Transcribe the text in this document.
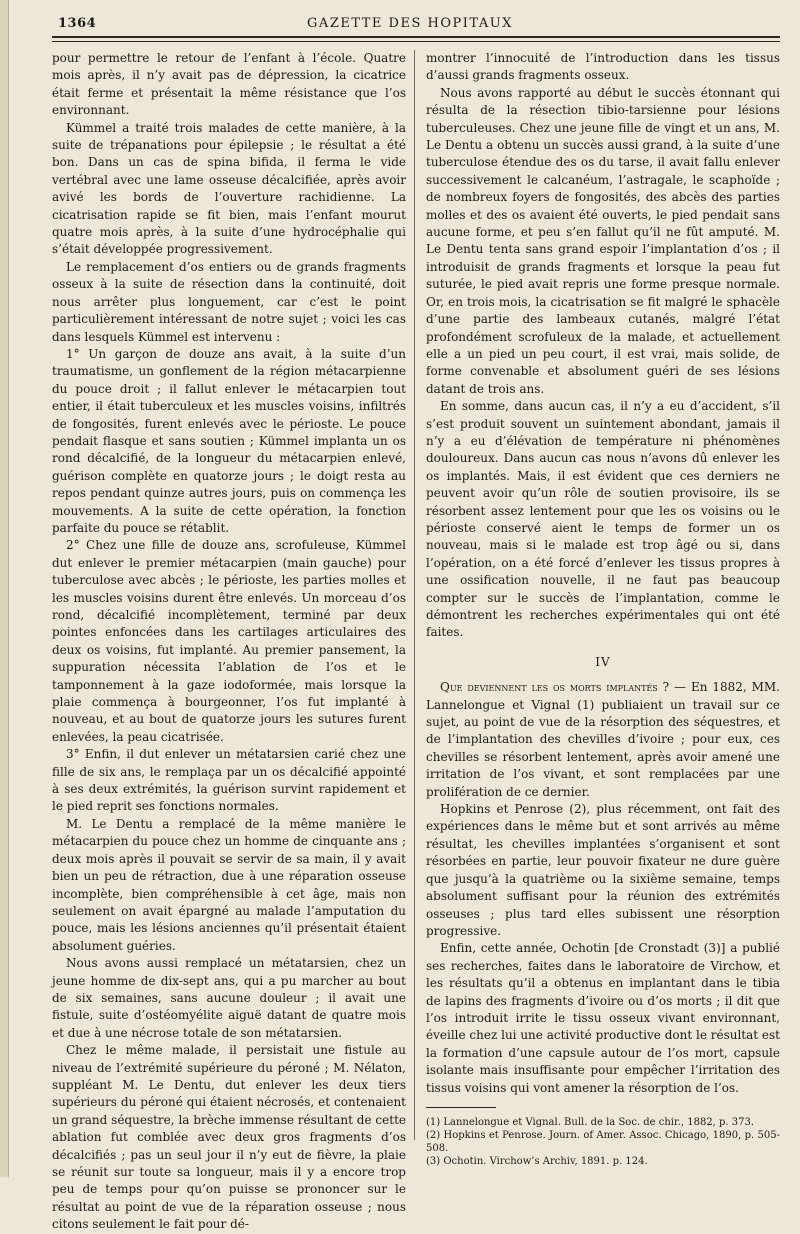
1364	GAZETTE DES HOPITAUX

pour permettre le retour de l’enfant à l’école. Quatre mois après, il n’y avait pas de dépression, la cicatrice était ferme et présentait la même résistance que l’os environnant.

Kümmel a traité trois malades de cette manière, à la suite de trépanations pour épilepsie ; le résultat a été bon. Dans un cas de spina bifida, il ferma le vide vertébral avec une lame osseuse décalcifiée, après avoir avivé les bords de l’ouverture rachidienne. La cicatrisation rapide se fit bien, mais l’enfant mourut quatre mois après, à la suite d’une hydrocéphalie qui s’était développée progressivement.

Le remplacement d’os entiers ou de grands fragments osseux à la suite de résection dans la continuité, doit nous arrêter plus longuement, car c’est le point particulièrement intéressant de notre sujet ; voici les cas dans lesquels Kümmel est intervenu :

1° Un garçon de douze ans avait, à la suite d’un traumatisme, un gonflement de la région métacarpienne du pouce droit ; il fallut enlever le métacarpien tout entier, il était tuberculeux et les muscles voisins, infiltrés de fongosités, furent enlevés avec le périoste. Le pouce pendait flasque et sans soutien ; Kümmel implanta un os rond décalcifié, de la longueur du métacarpien enlevé, guérison complète en quatorze jours ; le doigt resta au repos pendant quinze autres jours, puis on commença les mouvements. A la suite de cette opération, la fonction parfaite du pouce se rétablit.

2° Chez une fille de douze ans, scrofuleuse, Kümmel dut enlever le premier métacarpien (main gauche) pour tuberculose avec abcès ; le périoste, les parties molles et les muscles voisins durent être enlevés. Un morceau d’os rond, décalcifié incomplètement, terminé par deux pointes enfoncées dans les cartilages articulaires des deux os voisins, fut implanté. Au premier pansement, la suppuration nécessita l’ablation de l’os et le tamponnement à la gaze iodoformée, mais lorsque la plaie commença à bourgeonner, l’os fut implanté à nouveau, et au bout de quatorze jours les sutures furent enlevées, la peau cicatrisée.

3° Enfin, il dut enlever un métatarsien carié chez une fille de six ans, le remplaça par un os décalcifié appointé à ses deux extrémités, la guérison survint rapidement et le pied reprit ses fonctions normales.

M. Le Dentu a remplacé de la même manière le métacarpien du pouce chez un homme de cinquante ans ; deux mois après il pouvait se servir de sa main, il y avait bien un peu de rétraction, due à une réparation osseuse incomplète, bien compréhensible à cet âge, mais non seulement on avait épargné au malade l’amputation du pouce, mais les lésions anciennes qu’il présentait étaient absolument guéries.

Nous avons aussi remplacé un métatarsien, chez un jeune homme de dix-sept ans, qui a pu marcher au bout de six semaines, sans aucune douleur ; il avait une fistule, suite d’ostéomyélite aiguë datant de quatre mois et due à une nécrose totale de son métatarsien.

Chez le même malade, il persistait une fistule au niveau de l’extrémité supérieure du péroné ; M. Nélaton, suppléant M. Le Dentu, dut enlever les deux tiers supérieurs du péroné qui étaient nécrosés, et contenaient un grand séquestre, la brèche immense résultant de cette ablation fut comblée avec deux gros fragments d’os décalcifiés ; pas un seul jour il n’y eut de fièvre, la plaie se réunit sur toute sa longueur, mais il y a encore trop peu de temps pour qu’on puisse se prononcer sur le résultat au point de vue de la réparation osseuse ; nous citons seulement le fait pour dé-

montrer l’innocuité de l’introduction dans les tissus d’aussi grands fragments osseux.

Nous avons rapporté au début le succès étonnant qui résulta de la résection tibio-tarsienne pour lésions tuberculeuses. Chez une jeune fille de vingt et un ans, M. Le Dentu a obtenu un succès aussi grand, à la suite d’une tuberculose étendue des os du tarse, il avait fallu enlever successivement le calcanéum, l’astragale, le scaphoïde ; de nombreux foyers de fongosités, des abcès des parties molles et des os avaient été ouverts, le pied pendait sans aucune forme, et peu s’en fallut qu’il ne fût amputé. M. Le Dentu tenta sans grand espoir l’implantation d’os ; il introduisit de grands fragments et lorsque la peau fut suturée, le pied avait repris une forme presque normale. Or, en trois mois, la cicatrisation se fit malgré le sphacèle d’une partie des lambeaux cutanés, malgré l’état profondément scrofuleux de la malade, et actuellement elle a un pied un peu court, il est vrai, mais solide, de forme convenable et absolument guéri de ses lésions datant de trois ans.

En somme, dans aucun cas, il n’y a eu d’accident, s’il s’est produit souvent un suintement abondant, jamais il n’y a eu d’élévation de température ni phénomènes douloureux. Dans aucun cas nous n’avons dû enlever les os implantés. Mais, il est évident que ces derniers ne peuvent avoir qu’un rôle de soutien provisoire, ils se résorbent assez lentement pour que les os voisins ou le périoste conservé aient le temps de former un os nouveau, mais si le malade est trop âgé ou si, dans l’opération, on a été forcé d’enlever les tissus propres à une ossification nouvelle, il ne faut pas beaucoup compter sur le succès de l’implantation, comme le démontrent les recherches expérimentales qui ont été faites.

IV

Que deviennent les os morts implantés ? — En 1882, MM. Lannelongue et Vignal (1) publiaient un travail sur ce sujet, au point de vue de la résorption des séquestres, et de l’implantation des chevilles d’ivoire ; pour eux, ces chevilles se résorbent lentement, après avoir amené une irritation de l’os vivant, et sont remplacées par une prolifération de ce dernier.

Hopkins et Penrose (2), plus récemment, ont fait des expériences dans le même but et sont arrivés au même résultat, les chevilles implantées s’organisent et sont résorbées en partie, leur pouvoir fixateur ne dure guère que jusqu’à la quatrième ou la sixième semaine, temps absolument suffisant pour la réunion des extrémités osseuses ; plus tard elles subissent une résorption progressive.

Enfin, cette année, Ochotin [de Cronstadt (3)] a publié ses recherches, faites dans le laboratoire de Virchow, et les résultats qu’il a obtenus en implantant dans le tibia de lapins des fragments d’ivoire ou d’os morts ; il dit que l’os introduit irrite le tissu osseux vivant environnant, éveille chez lui une activité productive dont le résultat est la formation d’une capsule autour de l’os mort, capsule isolante mais insuffisante pour empêcher l’irritation des tissus voisins qui vont amener la résorption de l’os.

(1) Lannelongue et Vignal. Bull. de la Soc. de chir., 1882, p. 373.

(2) Hopkins et Penrose. Journ. of Amer. Assoc. Chicago, 1890, p. 505-508.

(3) Ochotin. Virchow’s Archiv, 1891. p. 124.
